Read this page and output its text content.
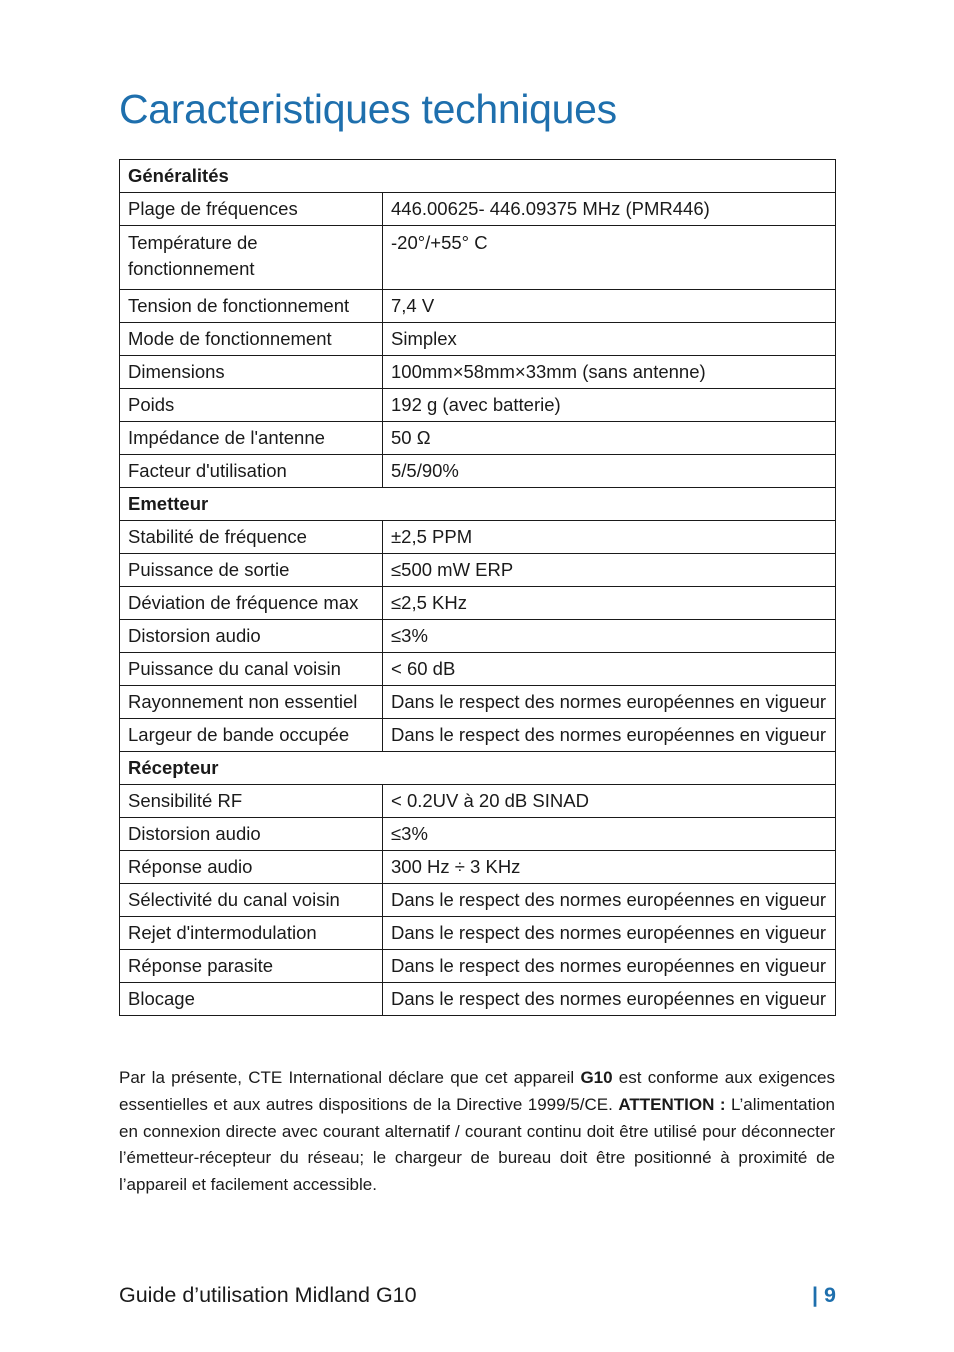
Caracteristiques techniques
Généralités	
Plage de fréquences	446.00625- 446.09375 MHz (PMR446)
Température de fonctionnement	-20°/+55° C
Tension de fonctionnement	7,4 V
Mode de fonctionnement	Simplex
Dimensions	100mm×58mm×33mm (sans antenne)
Poids	192 g (avec batterie)
Impédance de l'antenne	50 Ω
Facteur d'utilisation	5/5/90%
Emetteur	
Stabilité de fréquence	±2,5 PPM
Puissance de sortie	≤500 mW ERP
Déviation de fréquence max	≤2,5 KHz
Distorsion audio	≤3%
Puissance du canal voisin	< 60 dB
Rayonnement non essentiel	Dans le respect des normes européennes en vigueur
Largeur de bande occupée	Dans le respect des normes européennes en vigueur
Récepteur	
Sensibilité RF	< 0.2UV à 20 dB SINAD
Distorsion audio	≤3%
Réponse audio	300 Hz ÷ 3 KHz
Sélectivité du canal voisin	Dans le respect des normes européennes en vigueur
Rejet d'intermodulation	Dans le respect des normes européennes en vigueur
Réponse parasite	Dans le respect des normes européennes en vigueur
Blocage	Dans le respect des normes européennes en vigueur

Par la présente, CTE International déclare que cet appareil G10 est conforme aux exigences essentielles et aux autres dispositions de la Directive 1999/5/CE. ATTENTION : L’alimentation en connexion directe avec courant alternatif / courant continu doit être utilisé pour déconnecter l’émetteur-récepteur du réseau; le chargeur de bureau doit être positionné à proximité de l’appareil et facilement accessible.

Guide d’utilisation Midland G10	| 9
